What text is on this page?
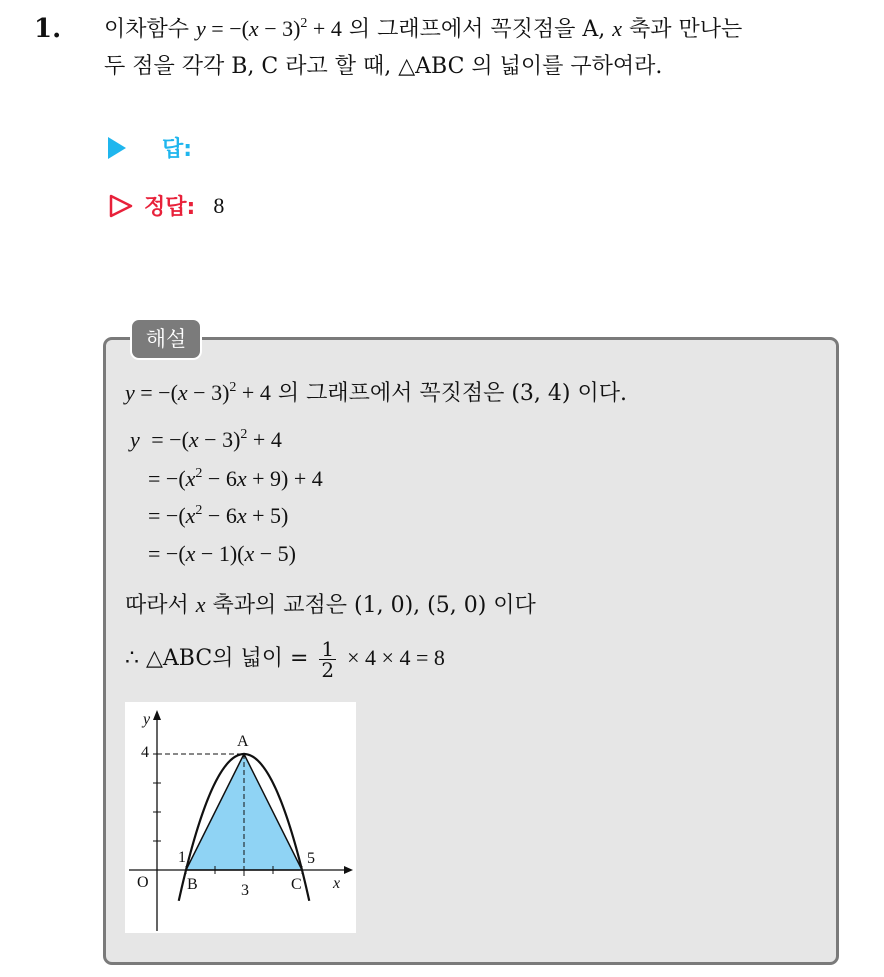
1. 이차함수 $y = -(x - 3)^2 + 4$ 의 그래프에서 꼭짓점을 A, x 축과 만나는
두 점을 각각 B, C 라고 할 때, △ABC 의 넓이를 구하여라.
답:
정답: 8
해설
$y = -(x - 3)^2 + 4$ 의 그래프에서 꼭짓점은 (3, 4) 이다.
$y = -(x - 3)^2 + 4$
= $-(x^2 - 6x + 9) + 4$
= $-(x^2 - 6x + 5)$
= −(x − 1)(x − 5)
따라서 x 축과의 교점은 (1, 0), (5, 0) 이다
∴ △ABC의 넓이 = $\frac{1}{2} \times 4 \times 4 = 8$
y
x
O
A
B	C
4
3
1	5
